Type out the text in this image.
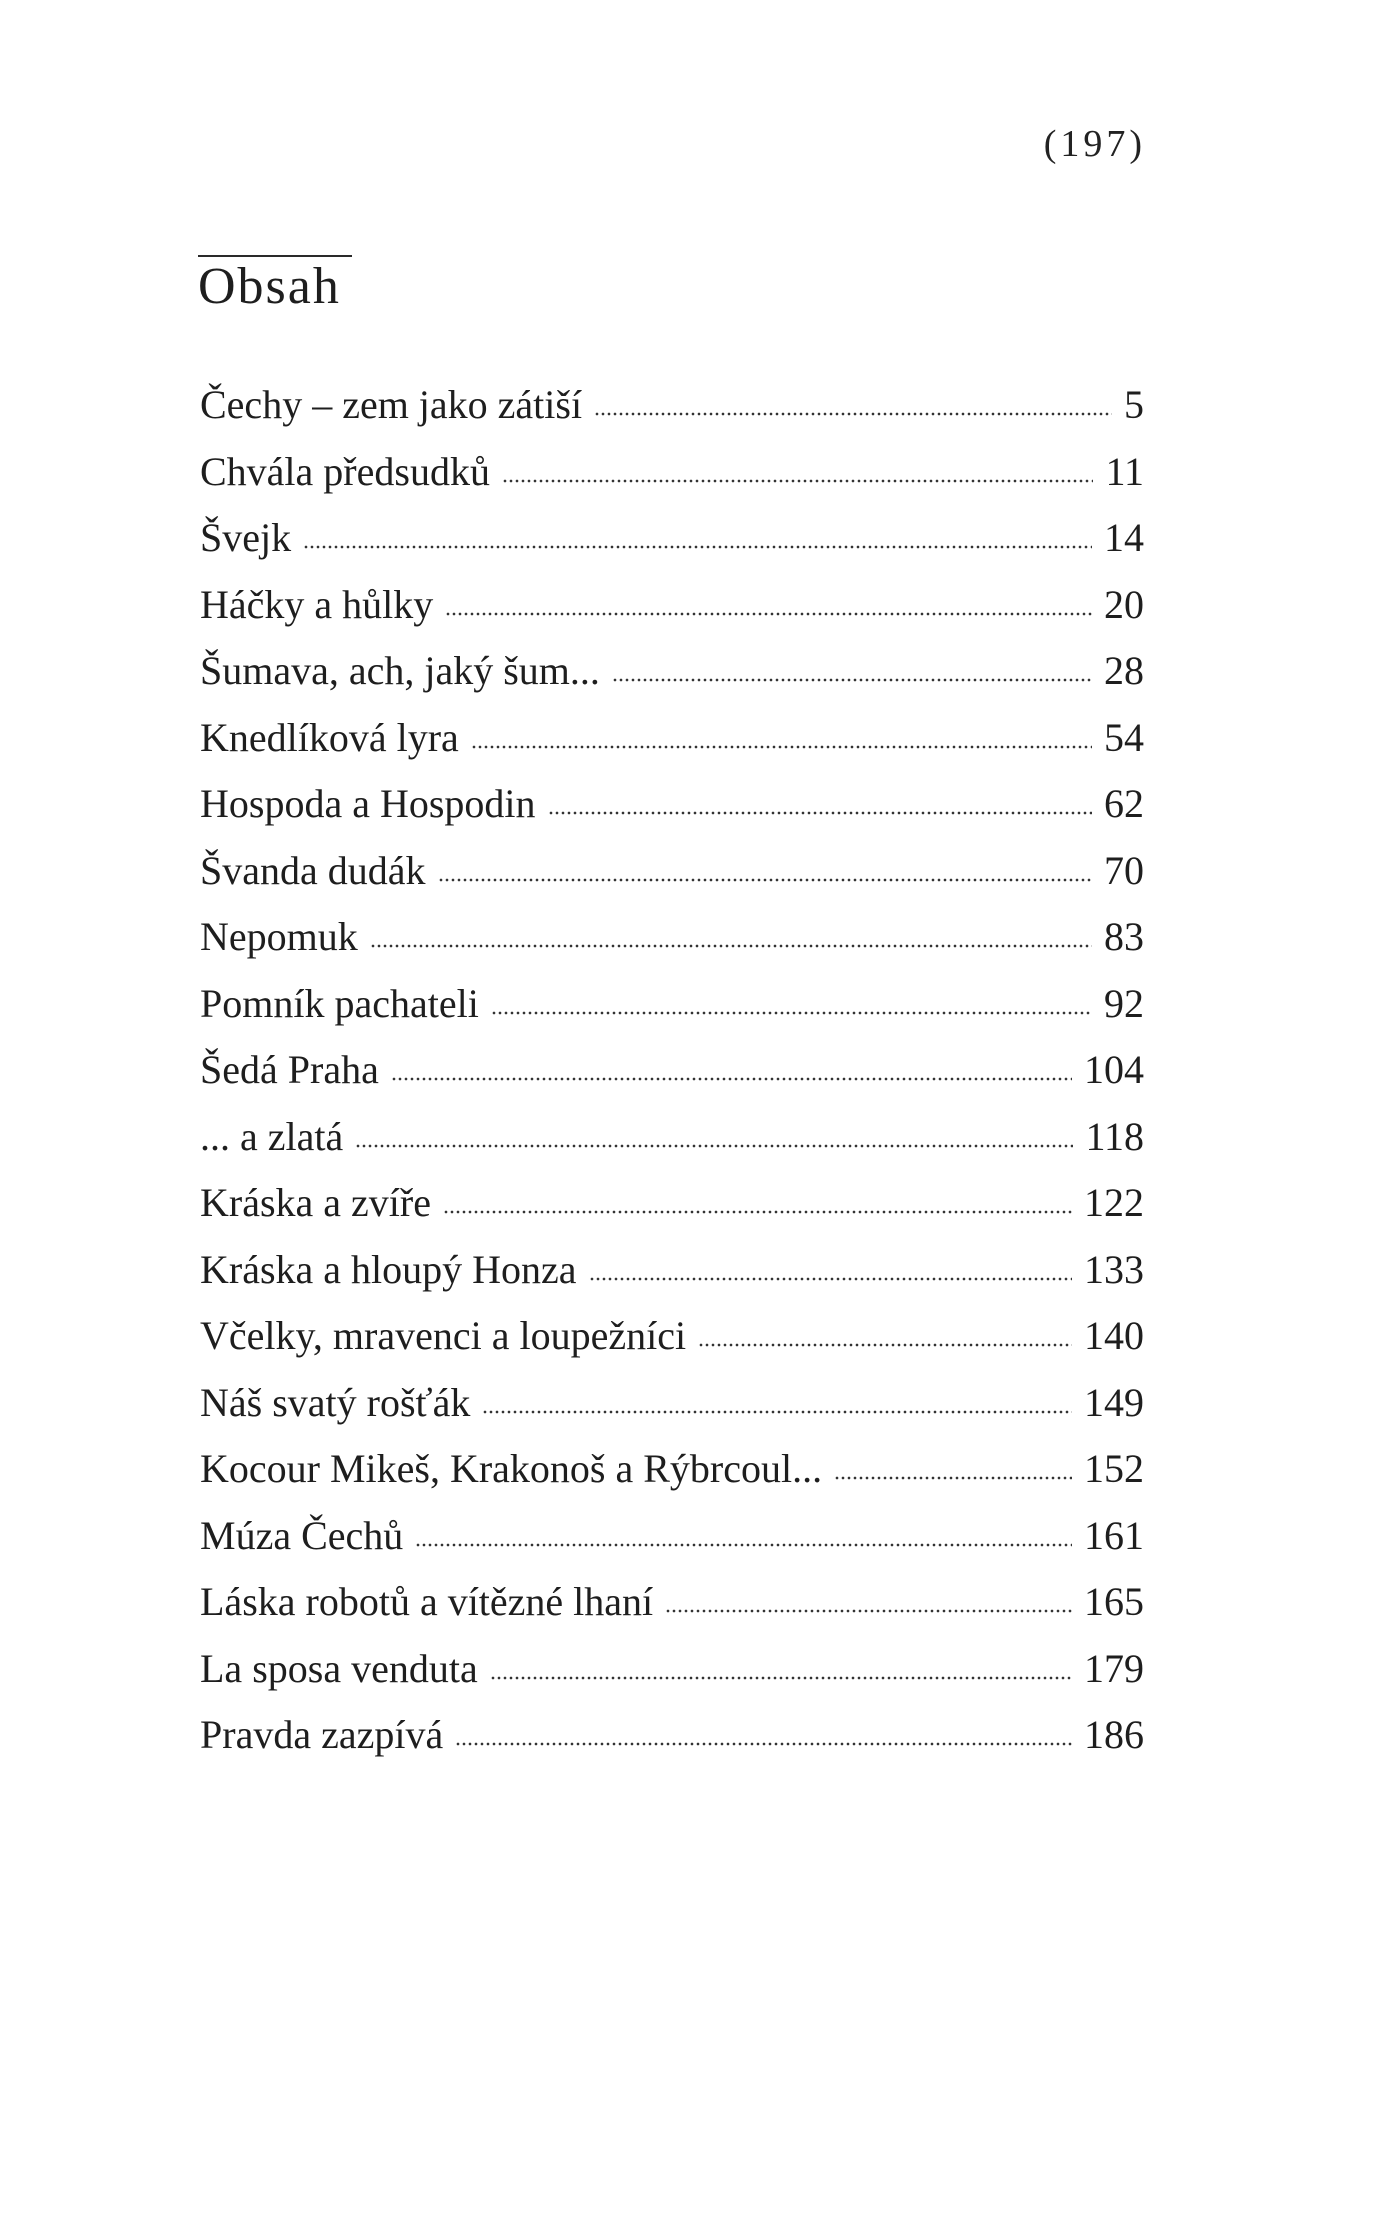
(197)
Obsah
Čechy – zem jako zátiší	5
Chvála předsudků	11
Švejk	14
Háčky a hůlky	20
Šumava, ach, jaký šum...	28
Knedlíková lyra	54
Hospoda a Hospodin	62
Švanda dudák	70
Nepomuk	83
Pomník pachateli	92
Šedá Praha	104
... a zlatá	118
Kráska a zvíře	122
Kráska a hloupý Honza	133
Včelky, mravenci a loupežníci	140
Náš svatý rošťák	149
Kocour Mikeš, Krakonoš a Rýbrcoul...	152
Múza Čechů	161
Láska robotů a vítězné lhaní	165
La sposa venduta	179
Pravda zazpívá	186
